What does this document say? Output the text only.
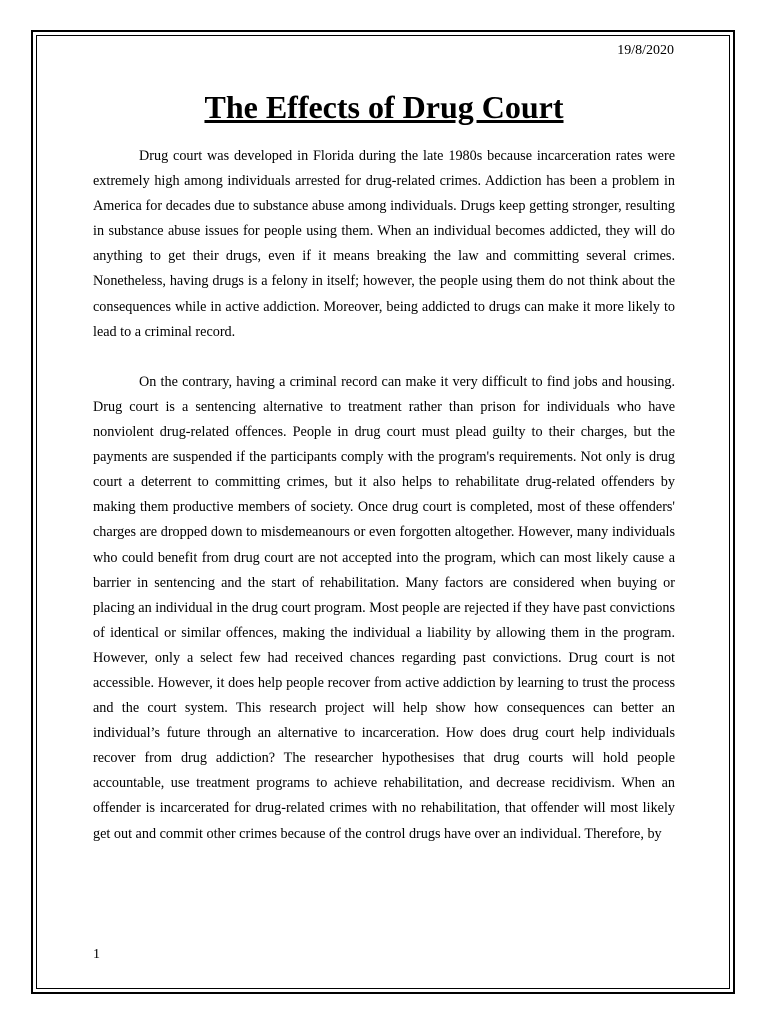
19/8/2020
The Effects of Drug Court

Drug court was developed in Florida during the late 1980s because incarceration rates were extremely high among individuals arrested for drug-related crimes. Addiction has been a problem in America for decades due to substance abuse among individuals. Drugs keep getting stronger, resulting in substance abuse issues for people using them. When an individual becomes addicted, they will do anything to get their drugs, even if it means breaking the law and committing several crimes. Nonetheless, having drugs is a felony in itself; however, the people using them do not think about the consequences while in active addiction. Moreover, being addicted to drugs can make it more likely to lead to a criminal record.

On the contrary, having a criminal record can make it very difficult to find jobs and housing. Drug court is a sentencing alternative to treatment rather than prison for individuals who have nonviolent drug-related offences. People in drug court must plead guilty to their charges, but the payments are suspended if the participants comply with the program's requirements. Not only is drug court a deterrent to committing crimes, but it also helps to rehabilitate drug-related offenders by making them productive members of society. Once drug court is completed, most of these offenders' charges are dropped down to misdemeanours or even forgotten altogether. However, many individuals who could benefit from drug court are not accepted into the program, which can most likely cause a barrier in sentencing and the start of rehabilitation. Many factors are considered when buying or placing an individual in the drug court program. Most people are rejected if they have past convictions of identical or similar offences, making the individual a liability by allowing them in the program. However, only a select few had received chances regarding past convictions. Drug court is not accessible. However, it does help people recover from active addiction by learning to trust the process and the court system. This research project will help show how consequences can better an individual’s future through an alternative to incarceration. How does drug court help individuals recover from drug addiction? The researcher hypothesises that drug courts will hold people accountable, use treatment programs to achieve rehabilitation, and decrease recidivism. When an offender is incarcerated for drug-related crimes with no rehabilitation, that offender will most likely get out and commit other crimes because of the control drugs have over an individual. Therefore, by

1
